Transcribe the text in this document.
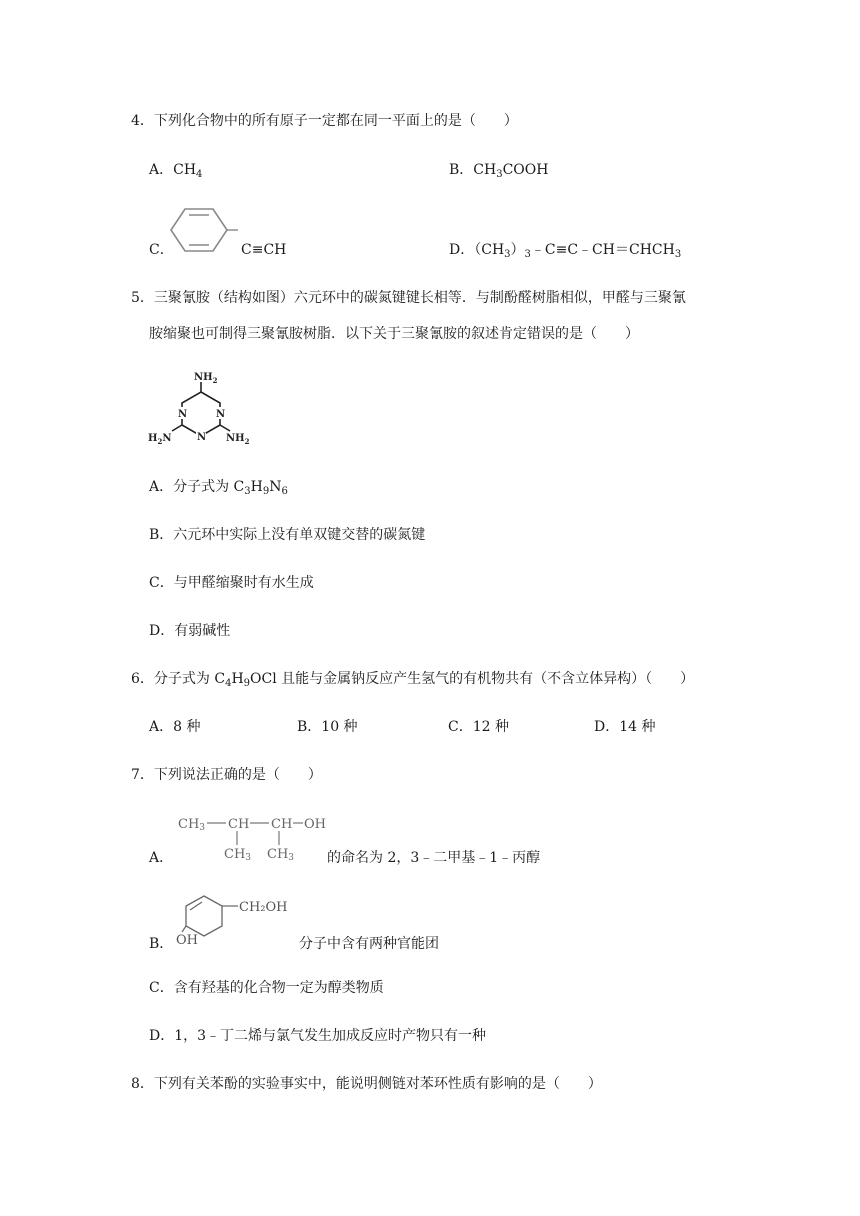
4．下列化合物中的所有原子一定都在同一平面上的是（　　）
A．$CH_4$	B．$CH_3COOH$
C．	C≡CH	D．$(CH_3)_3﹣C\equiv C﹣CH=CHCH_3$
5．三聚氰胺（结构如图）六元环中的碳氮键键长相等．与制酚醛树脂相似，甲醛与三聚氰
胺缩聚也可制得三聚氰胺树脂．以下关于三聚氰胺的叙述肯定错误的是（　　）
N
N
N
$NH_2$
$NH_2$
$H_2N$
A．分子式为 $C_3H_9N_6$
B．六元环中实际上没有单双键交替的碳氮键
C．与甲醛缩聚时有水生成
D．有弱碱性
6．分子式为 $C_4H_9OCl$ 且能与金属钠反应产生氢气的有机物共有（不含立体异构）（　　）
A．8 种	B．10 种	C．12 种	D．14 种
7．下列说法正确的是（　　）
A．
CH3 CH CH OH
CH3 CH3 的命名为 2，3﹣二甲基﹣1﹣丙醇
B．
CH₂OH
OH	分子中含有两种官能团
C．含有羟基的化合物一定为醇类物质
D．1，3﹣丁二烯与氯气发生加成反应时产物只有一种
8．下列有关苯酚的实验事实中，能说明侧链对苯环性质有影响的是（　　）
